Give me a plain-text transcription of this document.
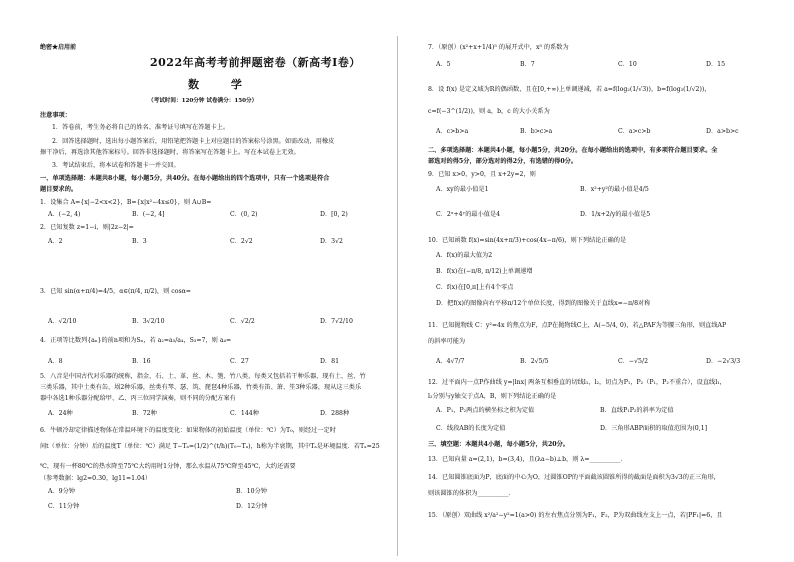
绝密★启用前
2022年高考考前押题密卷（新高考Ⅰ卷）
数 学
（考试时间：120分钟 试卷满分：150分）
注意事项：
1．答卷前，考生务必将自己的姓名、准考证号填写在答题卡上。
2．回答选择题时，选出每小题答案后，用铅笔把答题卡上对应题目的答案标号涂黑。如需改动，用橡皮
擦干净后，再选涂其他答案标号。回答非选择题时，将答案写在答题卡上。写在本试卷上无效。
3．考试结束后，将本试卷和答题卡一并交回。
一、单项选择题：本题共8小题，每小题5分，共40分。在每小题给出的四个选项中，只有一个选项是符合
题目要求的。
1．设集合 A={x|−2<x<2}，B={x|x²−4x≤0}，则 A∪B=
A．(−2, 4)	B．(−2, 4]	C．(0, 2)	D．[0, 2)
2．已知复数 z=1−i，则|2z−z̄|=
A．2	B．3	C．2√2	D．3√2
3．已知 sin(α+π/4)=4/5，α∈(π/4, π/2)，则 cosα=
A．√2/10	B．3√2/10	C．√2/2	D．7√2/10
4．正项等比数列{aₙ}的前n项和为Sₙ，若 a₂=a₅/a₄，S₃=7，则 a₄=
A．8	B．16	C．27	D．81
5．八音是中国古代对乐器的统称，指金、石、土、革、丝、木、匏、竹八类，每类又包括若干种乐器，现有土、丝、竹
三类乐器，其中土类有缶、埙2种乐器，丝类有琴、瑟、筑、琵琶4种乐器，竹类有笛、箫、笙3种乐器，现从这三类乐
器中各选1种乐器分配给甲、乙、丙三位同学演奏，则不同的分配方案有
A．24种	B．72种	C．144种	D．288种
6．牛顿冷却定律描述物体在常温环境下的温度变化：如果物体的初始温度（单位：℃）为T₀，则经过一定时
间t（单位：分钟）后的温度T（单位：℃）满足 T−Tₐ=(1/2)^(t/h)(T₀−Tₐ)，h称为半衰期，其中Tₐ是环境温度．若Tₐ=25
℃，现有一杯80℃的热水降至75℃大约用时1分钟，那么水温从75℃降至45℃，大约还需要
（参考数据：lg2≈0.30，lg11≈1.04）
A．9分钟	B．10分钟
C．11分钟	D．12分钟
7．（原创）(x²+x+1/4)⁵ 的展开式中，x⁵ 的系数为
A．5	B．7	C．10	D．15
8．设 f(x) 是定义域为R的偶函数，且在[0,+∞)上单调递减，若 a=f(log₂(1/√3))，b=f(log₃(1/√2))，
c=f(−3^(1/2))，则 a，b，c 的大小关系为
A．c>b>a	B．b>c>a	C．a>c>b	D．a>b>c
二、多项选择题：本题共4小题，每小题5分，共20分。在每小题给出的选项中，有多项符合题目要求。全
部选对的得5分，部分选对的得2分，有选错的得0分。
9．已知 x>0，y>0，且 x+2y=2，则
A．xy的最小值是1	B．x²+y²的最小值是4/5
C．2ˣ+4ʸ的最小值是4	D．1/x+2/y的最小值是5
10．已知函数 f(x)=sin(4x+π/3)+cos(4x−π/6)，则下列结论正确的是
A．f(x)的最大值为2
B．f(x)在(−π/8, π/12)上单调递增
C．f(x)在[0,π]上有4个零点
D．把f(x)的图像向右平移π/12个单位长度，得到的图像关于直线x=−π/8对称
11．已知抛物线 C：y²=4x 的焦点为F，点P在抛物线C上，A(−5/4, 0)，若△PAF为等腰三角形，则直线AP
的斜率可能为
A．4√7/7	B．2√5/5	C．−√5/2	D．−2√3/3
12．过平面内一点P作曲线 y=|lnx| 两条互相垂直的切线l₁，l₂，切点为P₁，P₂（P₁，P₂不重合），设直线l₁，
l₂分别与y轴交于点A，B，则下列结论正确的是
A．P₁，P₂两点的横坐标之积为定值	B．直线P₁P₂的斜率为定值
C．线段AB的长度为定值	D．三角形ABP面积的取值范围为(0,1]
三、填空题：本题共4小题，每小题5分，共20分。
13．已知向量 a=(2,1)，b=(3,4)，且(λa−b)⊥b，则 λ=__________．
14．已知圆锥底面为P，底面的中心为O，过圆锥OP的平面截该圆锥所得的截面是面积为3√3的正三角形，
则该圆锥的体积为__________．
15．（原创）双曲线 x²/a²−y²=1(a>0) 的左右焦点分别为F₁，F₂，P为双曲线左支上一点，若|PF₁|=6，且
